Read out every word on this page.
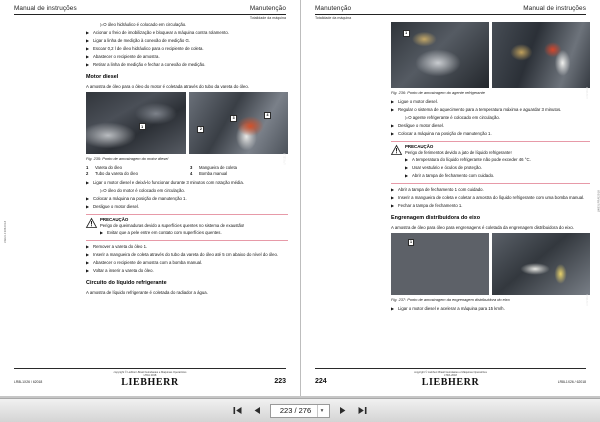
Manual de instruções	Manutenção
Totalidade da máquina
LWE/LFR/62018
▷ O óleo hidráulico é colocado em circulação.
▶ Acionar o freio de imobilização e bloquear a máquina contra rolamento.
▶ Ligar a linha de medição à conexão de medição G.
▶ Escoar 0,2 l de óleo hidráulico para o recipiente de coleta.
▶ Abastecer o recipiente de amostra.
▶ Retirar a linha de medição e fechar a conexão de medição.
Motor diesel

A amostra de óleo para o óleo do motor é coletada através do tubo da vareta do óleo.

1
2
3
4
LFR/10119
Fig. 235: Ponto de amostragem do motor diesel
1	Vareta do óleo
2	Tubo da vareta do óleo
3	Mangueira de coleta
4	Bomba manual
▶ Ligar o motor diesel e deixá-lo funcionar durante 3 minutos com rotação média.
▷ O óleo do motor é colocado em circulação.
▶ Colocar a máquina na posição de manutenção 1.
▶ Desligue o motor diesel.
PRECAUÇÃO
Perigo de queimaduras devido a superfícies quentes no sistema de exaustão!
▶ Evitar que a pele entre em contato com superfícies quentes.
▶ Remover a vareta do óleo 1.
▶ Inserir a mangueira de coleta através do tubo da vareta do óleo até 5 cm abaixo do nível do óleo.
▶ Abastecer o recipiente de amostra com a bomba manual.
▶ Voltar a inserir a vareta do óleo.
Circuito do líquido refrigerante

A amostra de líquido refrigerante é coletada do radiador a água.

copyright © Liebherr-Brasil Guindastes e Máquinas Operatrizes
LTDA 2018
LIEBHERR
LR8L1X26 / 62018	223
Manutenção	Manual de instruções
Totalidade da máquina
LWE/LFR/62018
1
LFR/10120
Fig. 236: Ponto de amostragem do agente refrigerante
▶ Ligue o motor diesel.
▶ Regular o sistema de aquecimento para a temperatura máxima e aguardar 3 minutos.
▷ O agente refrigerante é colocado em circulação.
▶ Desligue o motor diesel.
▶ Colocar a máquina na posição de manutenção 1.
PRECAUÇÃO
Perigo de ferimentos devido a jato de líquido refrigerante!
▶ A temperatura do líquido refrigerante não pode exceder 46 °C.
▶ Usar vestuário e óculos de proteção.
▶ Abrir a tampa de fechamento com cuidado.
▶ Abrir a tampa de fechamento 1 com cuidado.
▶ Inserir a mangueira de coleta e coletar a amostra do líquido refrigerante com uma bomba manual.
▶ Fechar a tampa de fechamento 1.
Engrenagem distribuidora do eixo

A amostra de óleo para óleo para engrenagens é coletada da engrenagem distribuidora do eixo.

1
LFR/10121
Fig. 237: Ponto de amostragem da engrenagem distribuidora do eixo
▶ Ligar o motor diesel e acelerar a máquina para 15 km/h.
copyright © Liebherr-Brasil Guindastes e Máquinas Operatrizes
LTDA 2018
LIEBHERR
224	LR8L1X26 / 62018
223 / 276	▾
